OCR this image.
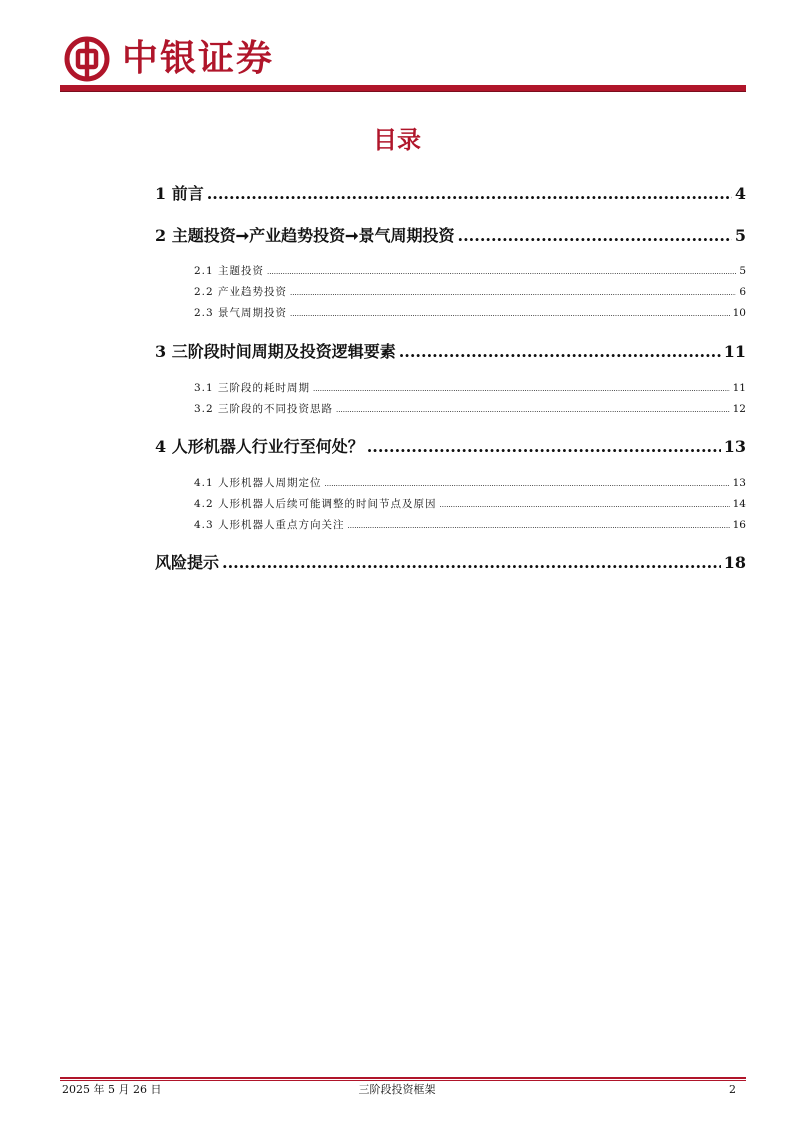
中银证券
目录
1 前言 .....	4
2 主题投资➞产业趋势投资➞景气周期投资 .....	5
2.1 主题投资 .....	5
2.2 产业趋势投资 .....	6
2.3 景气周期投资 .....	10
3 三阶段时间周期及投资逻辑要素 .....	11
3.1 三阶段的耗时周期 .....	11
3.2 三阶段的不同投资思路 .....	12
4 人形机器人行业行至何处？ .....	13
4.1 人形机器人周期定位 .....	13
4.2 人形机器人后续可能调整的时间节点及原因 .....	14
4.3 人形机器人重点方向关注 .....	16
风险提示 .....	18
2025 年 5 月 26 日	三阶段投资框架	2
